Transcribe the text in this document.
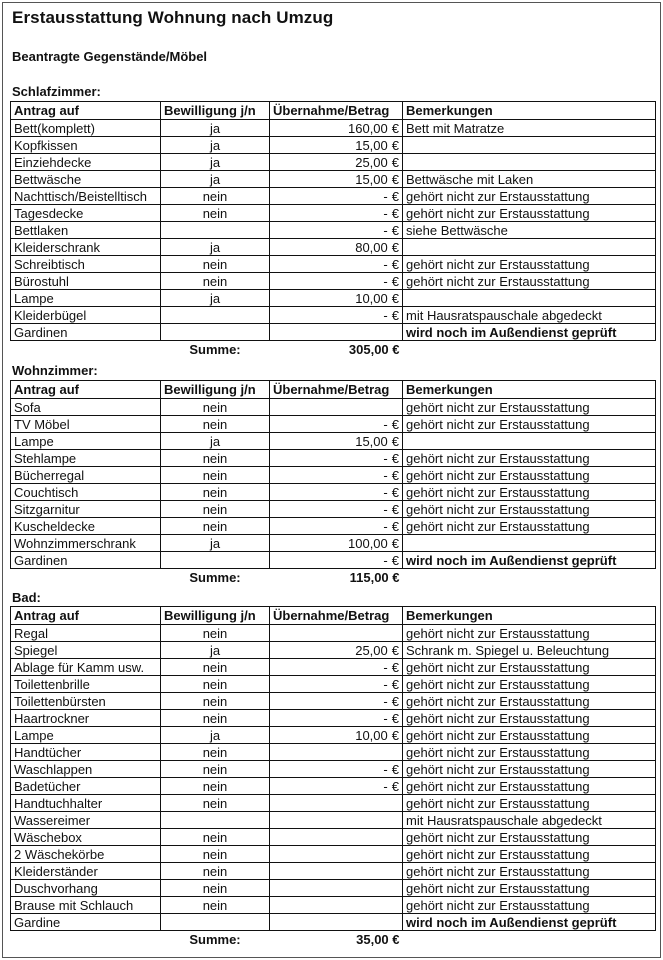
Erstausstattung Wohnung nach Umzug
Beantragte Gegenstände/Möbel
Schlafzimmer:
Antrag auf	Bewilligung j/n	Übernahme/Betrag	Bemerkungen
Bett(komplett)	ja	160,00 €	Bett mit Matratze
Kopfkissen	ja	15,00 €	
Einziehdecke	ja	25,00 €	
Bettwäsche	ja	15,00 €	Bettwäsche mit Laken
Nachttisch/Beistelltisch	nein	- €	gehört nicht zur Erstausstattung
Tagesdecke	nein	- €	gehört nicht zur Erstausstattung
Bettlaken		- €	siehe Bettwäsche
Kleiderschrank	ja	80,00 €	
Schreibtisch	nein	- €	gehört nicht zur Erstausstattung
Bürostuhl	nein	- €	gehört nicht zur Erstausstattung
Lampe	ja	10,00 €	
Kleiderbügel		- €	mit Hausratspauschale abgedeckt
Gardinen			wird noch im Außendienst geprüft
	Summe:	305,00 €	
Wohnzimmer:
Antrag auf	Bewilligung j/n	Übernahme/Betrag	Bemerkungen
Sofa	nein		gehört nicht zur Erstausstattung
TV Möbel	nein	- €	gehört nicht zur Erstausstattung
Lampe	ja	15,00 €	
Stehlampe	nein	- €	gehört nicht zur Erstausstattung
Bücherregal	nein	- €	gehört nicht zur Erstausstattung
Couchtisch	nein	- €	gehört nicht zur Erstausstattung
Sitzgarnitur	nein	- €	gehört nicht zur Erstausstattung
Kuscheldecke	nein	- €	gehört nicht zur Erstausstattung
Wohnzimmerschrank	ja	100,00 €	
Gardinen		- €	wird noch im Außendienst geprüft
	Summe:	115,00 €	
Bad:
Antrag auf	Bewilligung j/n	Übernahme/Betrag	Bemerkungen
Regal	nein		gehört nicht zur Erstausstattung
Spiegel	ja	25,00 €	Schrank m. Spiegel u. Beleuchtung
Ablage für Kamm usw.	nein	- €	gehört nicht zur Erstausstattung
Toilettenbrille	nein	- €	gehört nicht zur Erstausstattung
Toilettenbürsten	nein	- €	gehört nicht zur Erstausstattung
Haartrockner	nein	- €	gehört nicht zur Erstausstattung
Lampe	ja	10,00 €	gehört nicht zur Erstausstattung
Handtücher	nein		gehört nicht zur Erstausstattung
Waschlappen	nein	- €	gehört nicht zur Erstausstattung
Badetücher	nein	- €	gehört nicht zur Erstausstattung
Handtuchhalter	nein		gehört nicht zur Erstausstattung
Wassereimer			mit Hausratspauschale abgedeckt
Wäschebox	nein		gehört nicht zur Erstausstattung
2 Wäschekörbe	nein		gehört nicht zur Erstausstattung
Kleiderständer	nein		gehört nicht zur Erstausstattung
Duschvorhang	nein		gehört nicht zur Erstausstattung
Brause mit Schlauch	nein		gehört nicht zur Erstausstattung
Gardine			wird noch im Außendienst geprüft
	Summe:	35,00 €	
